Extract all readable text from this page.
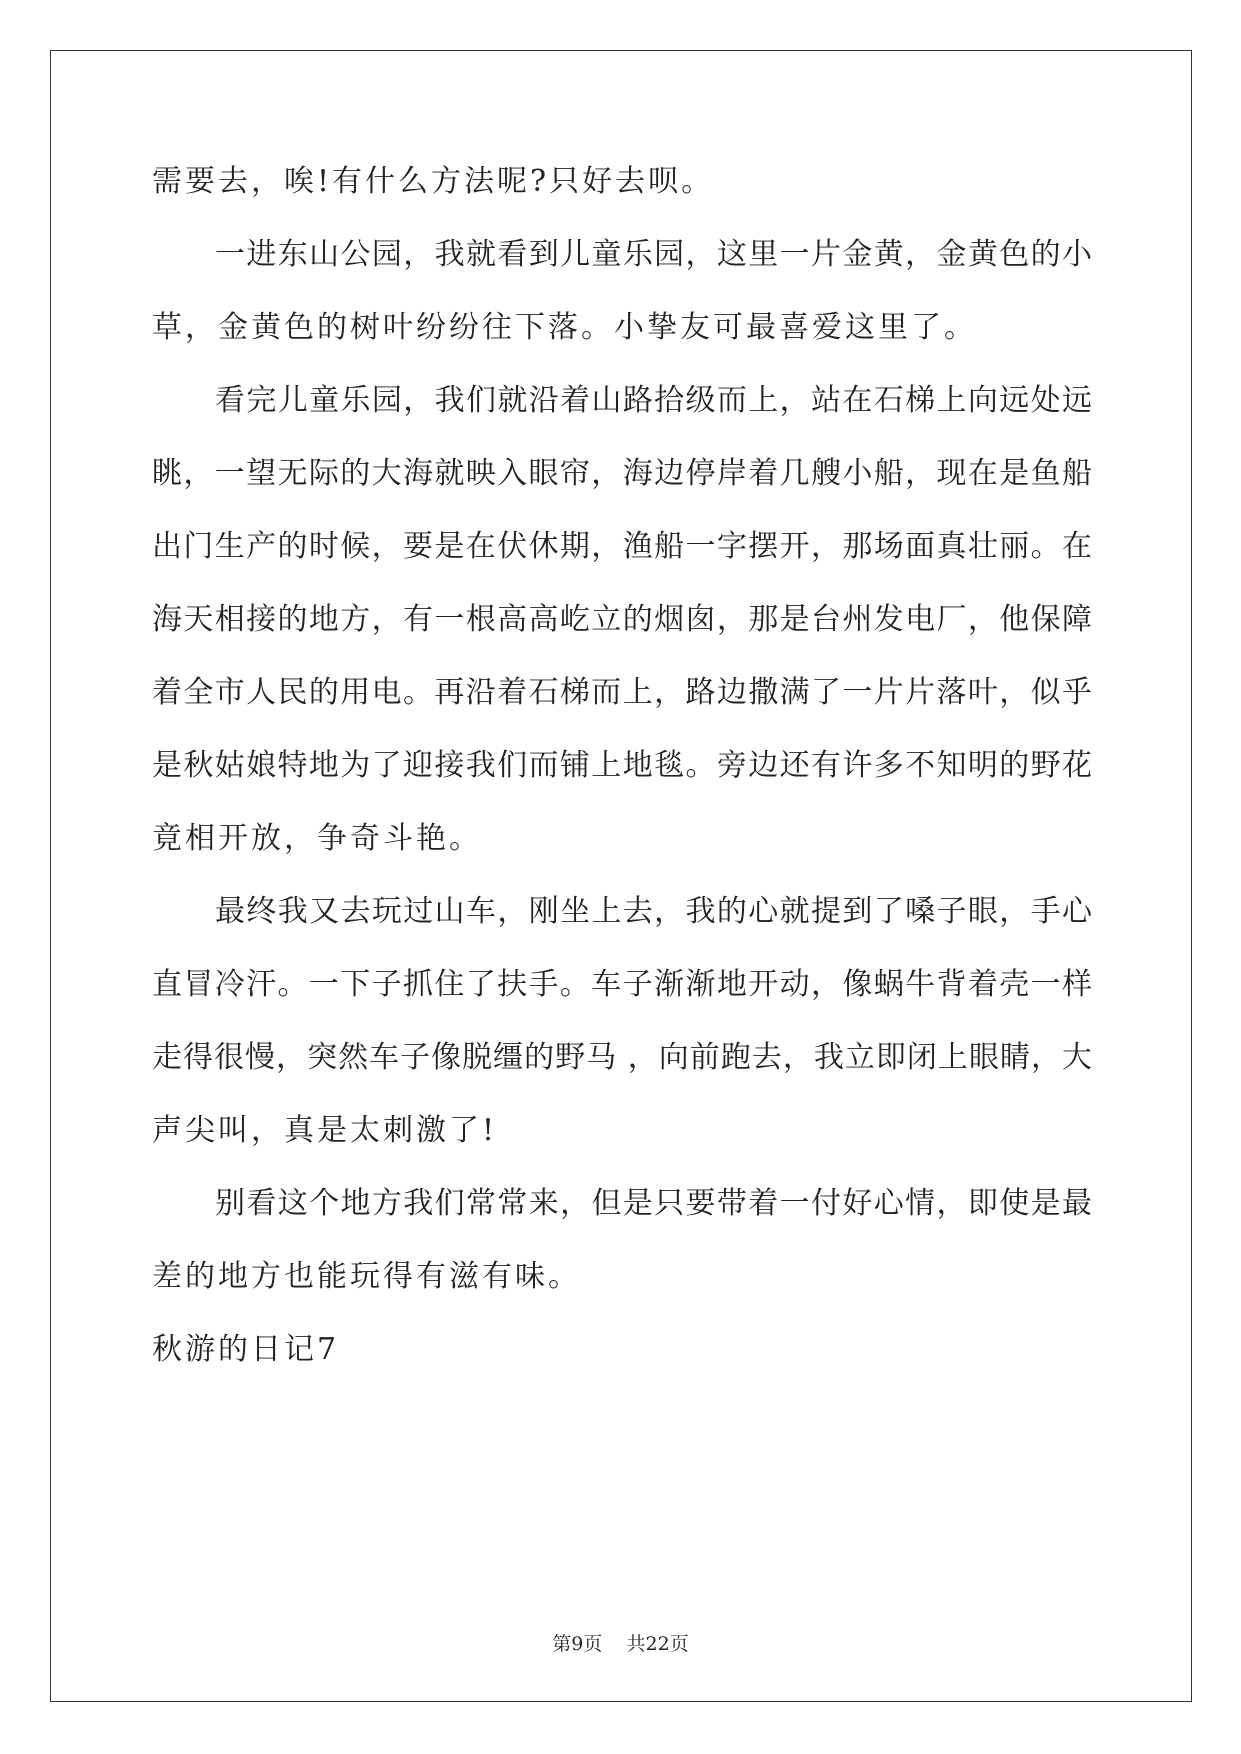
需要去，唉!有什么方法呢?只好去呗。
一进东山公园，我就看到儿童乐园，这里一片金黄，金黄色的小
草，金黄色的树叶纷纷往下落。小挚友可最喜爱这里了。
看完儿童乐园，我们就沿着山路拾级而上，站在石梯上向远处远
眺，一望无际的大海就映入眼帘，海边停岸着几艘小船，现在是鱼船
出门生产的时候，要是在伏休期，渔船一字摆开，那场面真壮丽。在
海天相接的地方，有一根高高屹立的烟囱，那是台州发电厂，他保障
着全市人民的用电。再沿着石梯而上，路边撒满了一片片落叶，似乎
是秋姑娘特地为了迎接我们而铺上地毯。旁边还有许多不知明的野花
竟相开放，争奇斗艳。
最终我又去玩过山车，刚坐上去，我的心就提到了嗓子眼，手心
直冒冷汗。一下子抓住了扶手。车子渐渐地开动，像蜗牛背着壳一样
走得很慢，突然车子像脱缰的野马 ，向前跑去，我立即闭上眼睛，大
声尖叫，真是太刺激了!
别看这个地方我们常常来，但是只要带着一付好心情，即使是最
差的地方也能玩得有滋有味。
秋游的日记7
第9页    共22页
